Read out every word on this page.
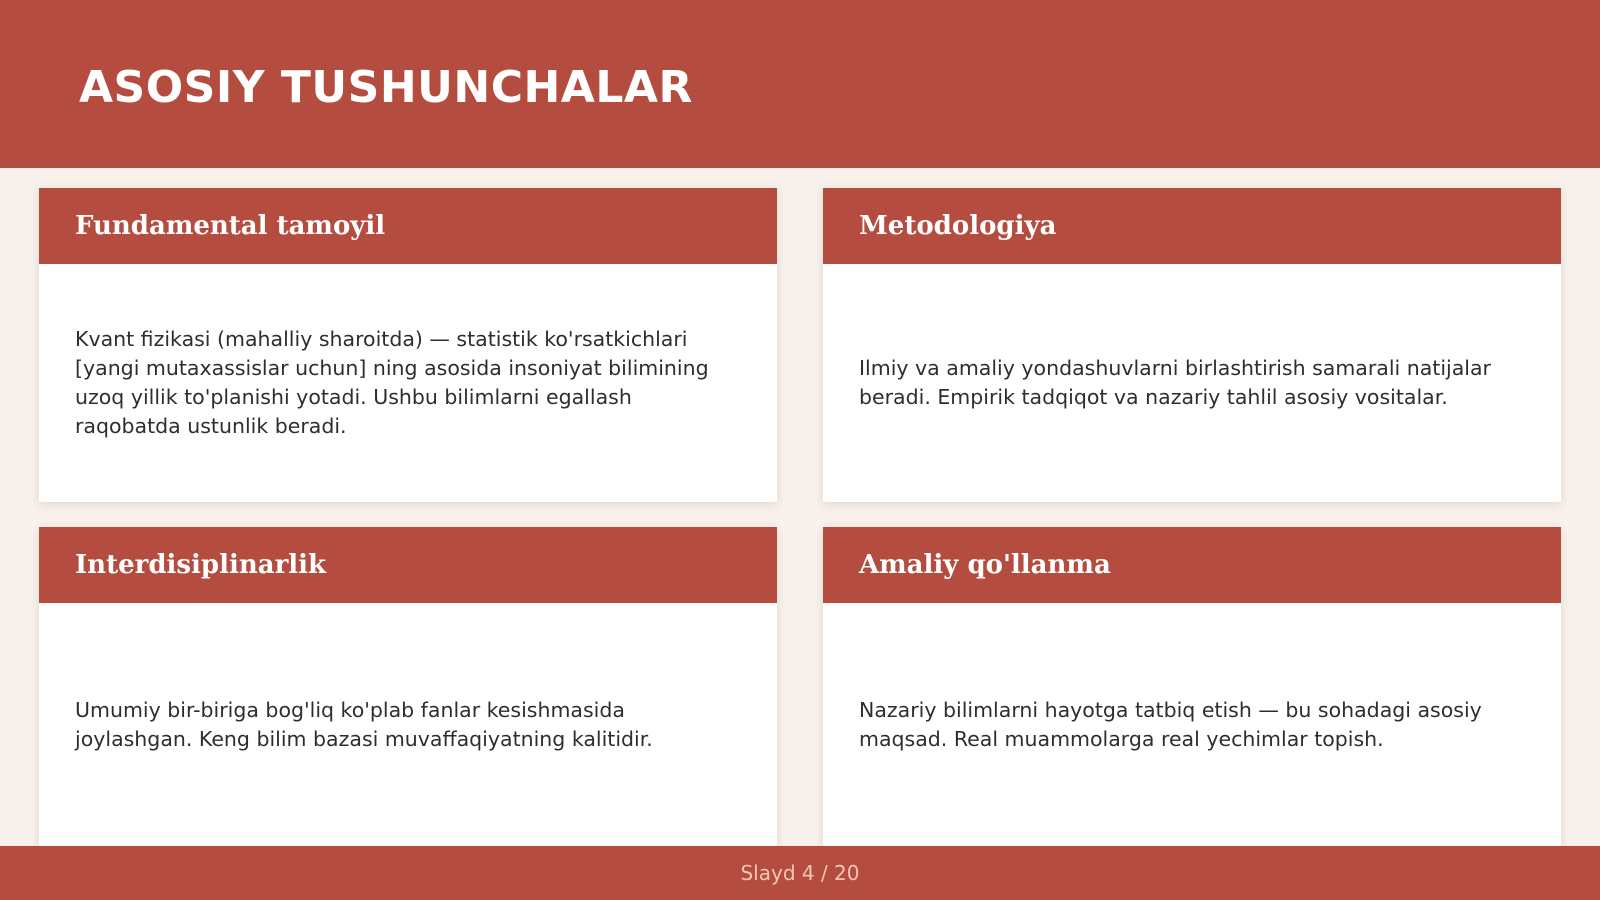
ASOSIY TUSHUNCHALAR
Fundamental tamoyil

Kvant fizikasi (mahalliy sharoitda) — statistik ko'rsatkichlari [yangi mutaxassislar uchun] ning asosida insoniyat bilimining uzoq yillik to'planishi yotadi. Ushbu bilimlarni egallash raqobatda ustunlik beradi.

Metodologiya

Ilmiy va amaliy yondashuvlarni birlashtirish samarali natijalar beradi. Empirik tadqiqot va nazariy tahlil asosiy vositalar.

Interdisiplinarlik

Umumiy bir-biriga bog'liq ko'plab fanlar kesishmasida joylashgan. Keng bilim bazasi muvaffaqiyatning kalitidir.

Amaliy qo'llanma

Nazariy bilimlarni hayotga tatbiq etish — bu sohadagi asosiy maqsad. Real muammolarga real yechimlar topish.

Slayd 4 / 20
